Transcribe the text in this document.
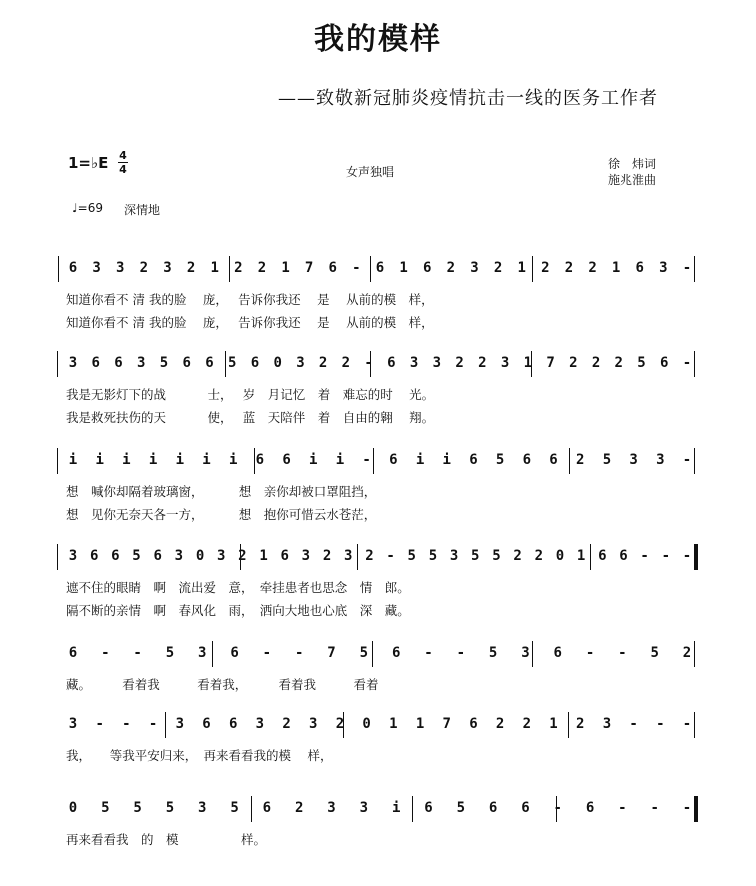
我的模样
——致敬新冠肺炎疫情抗击一线的医务工作者
1=♭E 4
4	女声独唱
徐　炜词
施兆淮曲
♩=69 深情地
6 3 3 2 3 2 1 2 2 1 7 6 - 6 1 6 2 3 2 1 2 2 2 1 6 3 -
知道你看不 清 我的脸　 庞，　 告诉你我还　 是　 从前的模　样，
知道你看不 清 我的脸　 庞，　 告诉你我还　 是　 从前的模　样，
3 6 6 3 5 6 6 5 6 0 3 2 2 - 6 3 3 2 2 3 1 7 2 2 2 5 6 -
我是无影灯下的战　　　 士，　 岁　月记忆　着　难忘的时　 光。
我是救死扶伤的天　　　 使，　 蓝　天陪伴　着　自由的翱　 翔。
i i i i i i i 6 6 i i - 6 i i 6 5 6 6 2 5 3 3 -
想　喊你却隔着玻璃窗，　　　 想　亲你却被口罩阻挡，
想　见你无奈天各一方，　　　 想　抱你可惜云水苍茫，
3 6 6 5 6 3 0 3 2 1 6 3 2 3 2 - 5 5 3 5 5 2 2 0 1 6 6 - - -
遮不住的眼睛　啊　流出爱　意，　牵挂患者也思念　情　郎。
隔不断的亲情　啊　春风化　雨，　洒向大地也心底　深　藏。
6 - - 5 3 6 - - 7 5 6 - - 5 3 6 - - 5 2
藏。　　　看着我　　　看着我，　　　看着我　　　看着
3 - - - 3 6 6 3 2 3 2 0 1 1 7 6 2 2 1 2 3 - - -
我，　　等我平安归来，　再来看看我的模　 样，
0 5 5 5 3 5 6 2 3 3 i 6 5 6 6 - 6 - - -
再来看看我　的　模　　　　　样。
